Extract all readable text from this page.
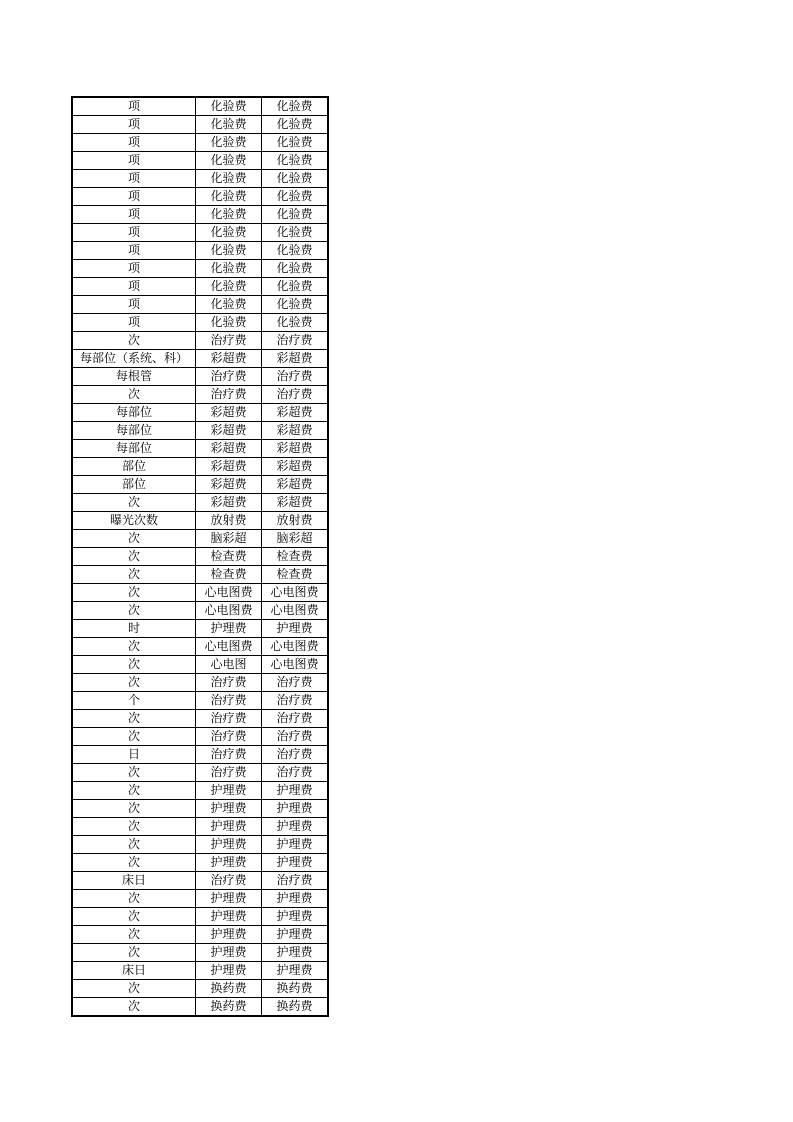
项	化验费	化验费
项	化验费	化验费
项	化验费	化验费
项	化验费	化验费
项	化验费	化验费
项	化验费	化验费
项	化验费	化验费
项	化验费	化验费
项	化验费	化验费
项	化验费	化验费
项	化验费	化验费
项	化验费	化验费
项	化验费	化验费
次	治疗费	治疗费
每部位（系统、科）	彩超费	彩超费
每根管	治疗费	治疗费
次	治疗费	治疗费
每部位	彩超费	彩超费
每部位	彩超费	彩超费
每部位	彩超费	彩超费
部位	彩超费	彩超费
部位	彩超费	彩超费
次	彩超费	彩超费
曝光次数	放射费	放射费
次	脑彩超	脑彩超
次	检查费	检查费
次	检查费	检查费
次	心电图费	心电图费
次	心电图费	心电图费
时	护理费	护理费
次	心电图费	心电图费
次	心电图	心电图费
次	治疗费	治疗费
个	治疗费	治疗费
次	治疗费	治疗费
次	治疗费	治疗费
日	治疗费	治疗费
次	治疗费	治疗费
次	护理费	护理费
次	护理费	护理费
次	护理费	护理费
次	护理费	护理费
次	护理费	护理费
床日	治疗费	治疗费
次	护理费	护理费
次	护理费	护理费
次	护理费	护理费
次	护理费	护理费
床日	护理费	护理费
次	换药费	换药费
次	换药费	换药费
